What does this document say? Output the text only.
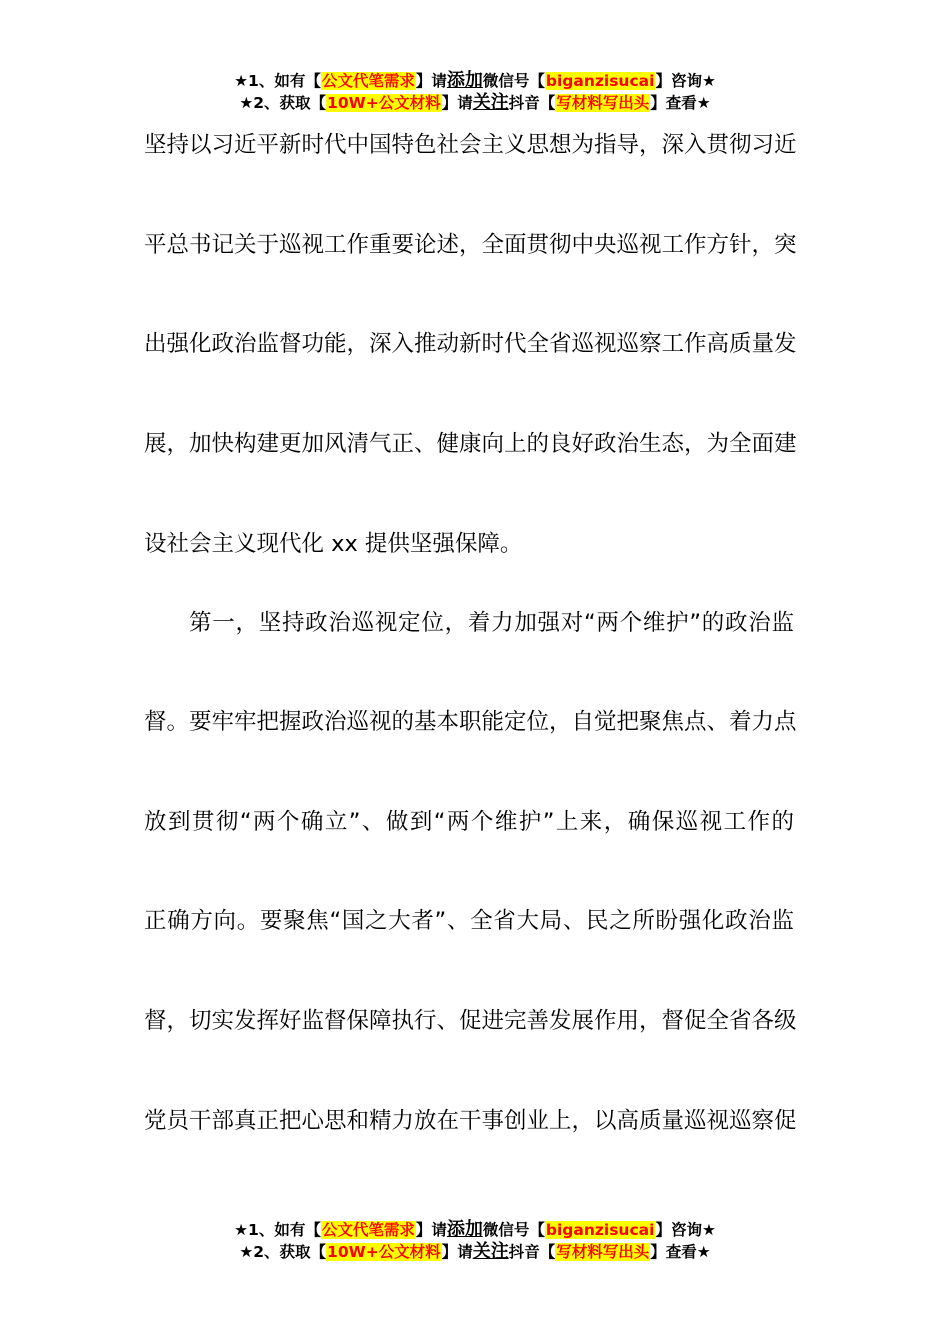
★1、如有【公文代笔需求】请添加微信号【biganzisucai】咨询★
★2、获取【10W+公文材料】请关注抖音【写材料写出头】查看★
坚持以习近平新时代中国特色社会主义思想为指导，深入贯彻习近
平总书记关于巡视工作重要论述，全面贯彻中央巡视工作方针，突
出强化政治监督功能，深入推动新时代全省巡视巡察工作高质量发
展，加快构建更加风清气正、健康向上的良好政治生态，为全面建
设社会主义现代化 xx 提供坚强保障。
第一，坚持政治巡视定位，着力加强对“两个维护”的政治监
督。要牢牢把握政治巡视的基本职能定位，自觉把聚焦点、着力点
放到贯彻“两个确立”、做到“两个维护”上来，确保巡视工作的
正确方向。要聚焦“国之大者”、全省大局、民之所盼强化政治监
督，切实发挥好监督保障执行、促进完善发展作用，督促全省各级
党员干部真正把心思和精力放在干事创业上，以高质量巡视巡察促
★1、如有【公文代笔需求】请添加微信号【biganzisucai】咨询★
★2、获取【10W+公文材料】请关注抖音【写材料写出头】查看★
